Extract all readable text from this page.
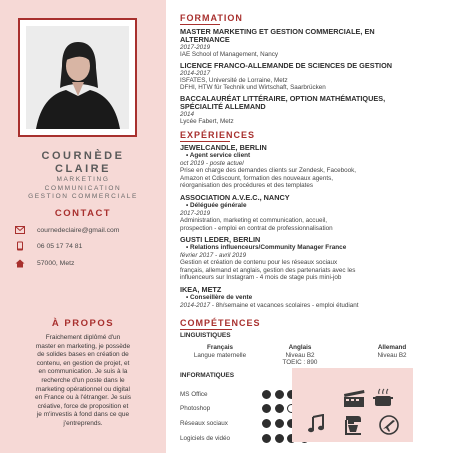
COURNÈDE
CLAIRE
MARKETING
COMMUNICATION
GESTION COMMERCIALE
CONTACT
cournedeclaire@gmail.com
06 05 17 74 81
57000, Metz
À PROPOS
Fraichement diplômé d'un
master en marketing, je possède
de solides bases en création de
contenu, en gestion de projet, et
en communication. Je suis à la
recherche d'un poste dans le
marketing opérationnel ou digital
en France ou à l'étranger. Je suis
créative, force de proposition et
je m'investis à fond dans ce que
j'entreprends.
FORMATION
MASTER MARKETING ET GESTION COMMERCIALE, EN
ALTERNANCE
2017-2019
IAE School of Management, Nancy
LICENCE FRANCO-ALLEMANDE DE SCIENCES DE GESTION
2014-2017
ISFATES, Université de Lorraine, Metz
DFHI, HTW für Technik und Wirtschaft, Saarbrücken
BACCALAURÉAT LITTÉRAIRE, OPTION MATHÉMATIQUES,
SPÉCIALITÉ ALLEMAND
2014
Lycée Fabert, Metz
EXPÉRIENCES
JEWELCANDLE, BERLIN
• Agent service client
oct 2019 - poste actuel
Prise en charge des demandes clients sur Zendesk, Facebook,
Amazon et Cdiscount, formation des nouveaux agents,
réorganisation des procédures et des templates
ASSOCIATION A.V.E.C., NANCY
• Déléguée générale
2017-2019
Administration, marketing et communication, accueil,
prospection - emploi en contrat de professionnalisation
GUSTI LEDER, BERLIN
• Relations influenceurs/Community Manager France
février 2017 - avril 2019
Gestion et création de contenu pour les réseaux sociaux
français, allemand et anglais, gestion des partenariats avec les
influenceurs sur Instagram - 4 mois de stage puis mini-job
IKEA, METZ
• Conseillère de vente
2014-2017 - 8h/semaine et vacances scolaires - emploi étudiant
COMPÉTENCES
LINGUISTIQUES
Français
Langue maternelle
Anglais
Niveau B2
TOEIC : 890
Allemand
Niveau B2
INFORMATIQUES
MS Office
Photoshop
Réseaux sociaux
Logiciels de vidéo
